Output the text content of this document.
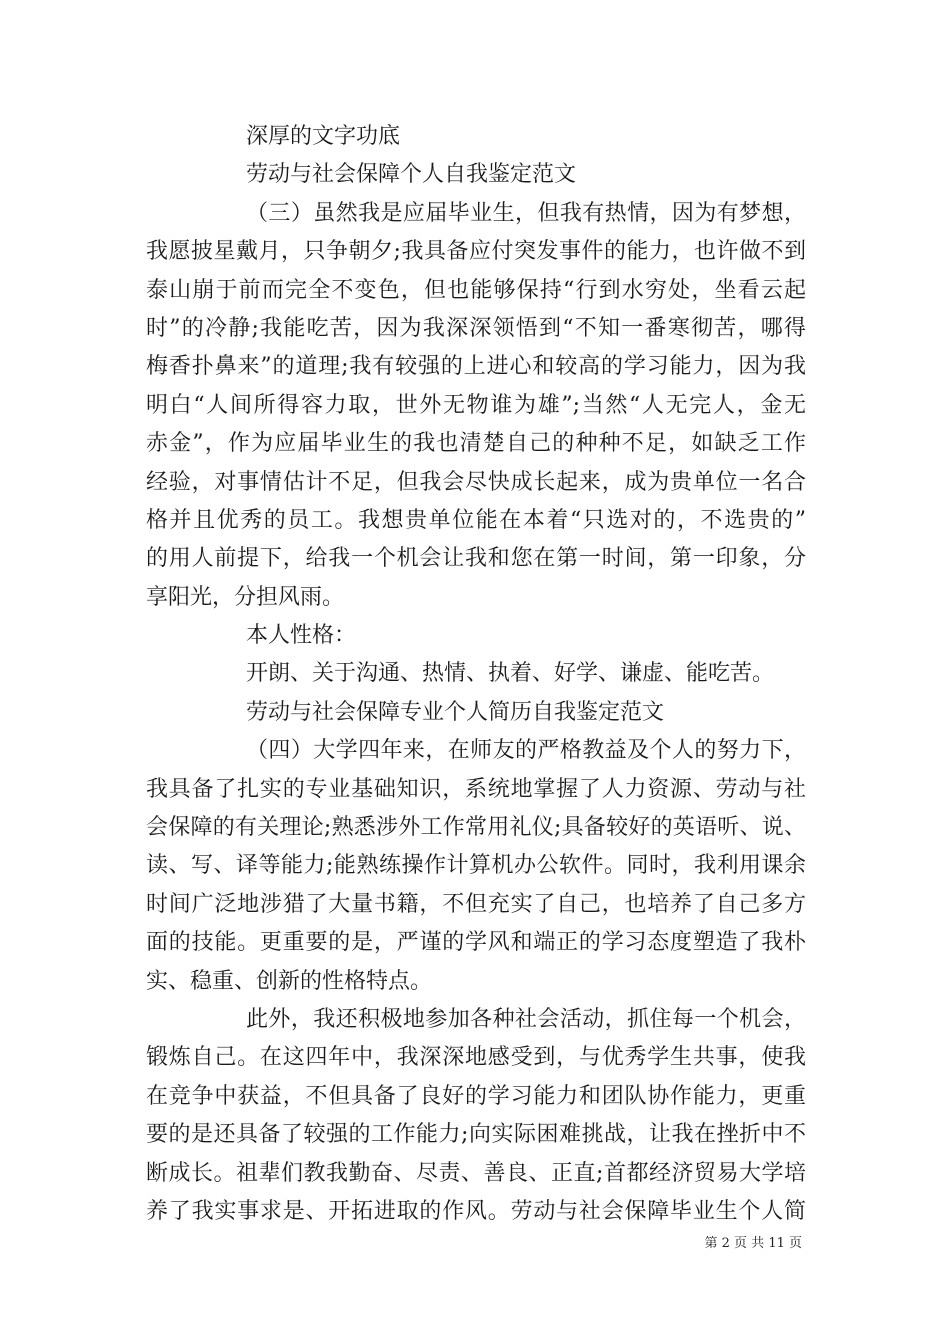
深厚的文字功底
劳动与社会保障个人自我鉴定范文
（三）虽然我是应届毕业生，但我有热情，因为有梦想，
我愿披星戴月，只争朝夕;我具备应付突发事件的能力，也许做不到
泰山崩于前而完全不变色，但也能够保持“行到水穷处，坐看云起
时”的冷静;我能吃苦，因为我深深领悟到“不知一番寒彻苦，哪得
梅香扑鼻来”的道理;我有较强的上进心和较高的学习能力，因为我
明白“人间所得容力取，世外无物谁为雄”;当然“人无完人，金无
赤金”，作为应届毕业生的我也清楚自己的种种不足，如缺乏工作
经验，对事情估计不足，但我会尽快成长起来，成为贵单位一名合
格并且优秀的员工。我想贵单位能在本着“只选对的，不选贵的”
的用人前提下，给我一个机会让我和您在第一时间，第一印象，分
享阳光，分担风雨。
本人性格：
开朗、关于沟通、热情、执着、好学、谦虚、能吃苦。
劳动与社会保障专业个人简历自我鉴定范文
（四）大学四年来，在师友的严格教益及个人的努力下，
我具备了扎实的专业基础知识，系统地掌握了人力资源、劳动与社
会保障的有关理论;熟悉涉外工作常用礼仪;具备较好的英语听、说、
读、写、译等能力;能熟练操作计算机办公软件。同时，我利用课余
时间广泛地涉猎了大量书籍，不但充实了自己，也培养了自己多方
面的技能。更重要的是，严谨的学风和端正的学习态度塑造了我朴
实、稳重、创新的性格特点。
此外，我还积极地参加各种社会活动，抓住每一个机会，
锻炼自己。在这四年中，我深深地感受到，与优秀学生共事，使我
在竞争中获益，不但具备了良好的学习能力和团队协作能力，更重
要的是还具备了较强的工作能力;向实际困难挑战，让我在挫折中不
断成长。祖辈们教我勤奋、尽责、善良、正直;首都经济贸易大学培
养了我实事求是、开拓进取的作风。劳动与社会保障毕业生个人简
第 2 页 共 11 页
